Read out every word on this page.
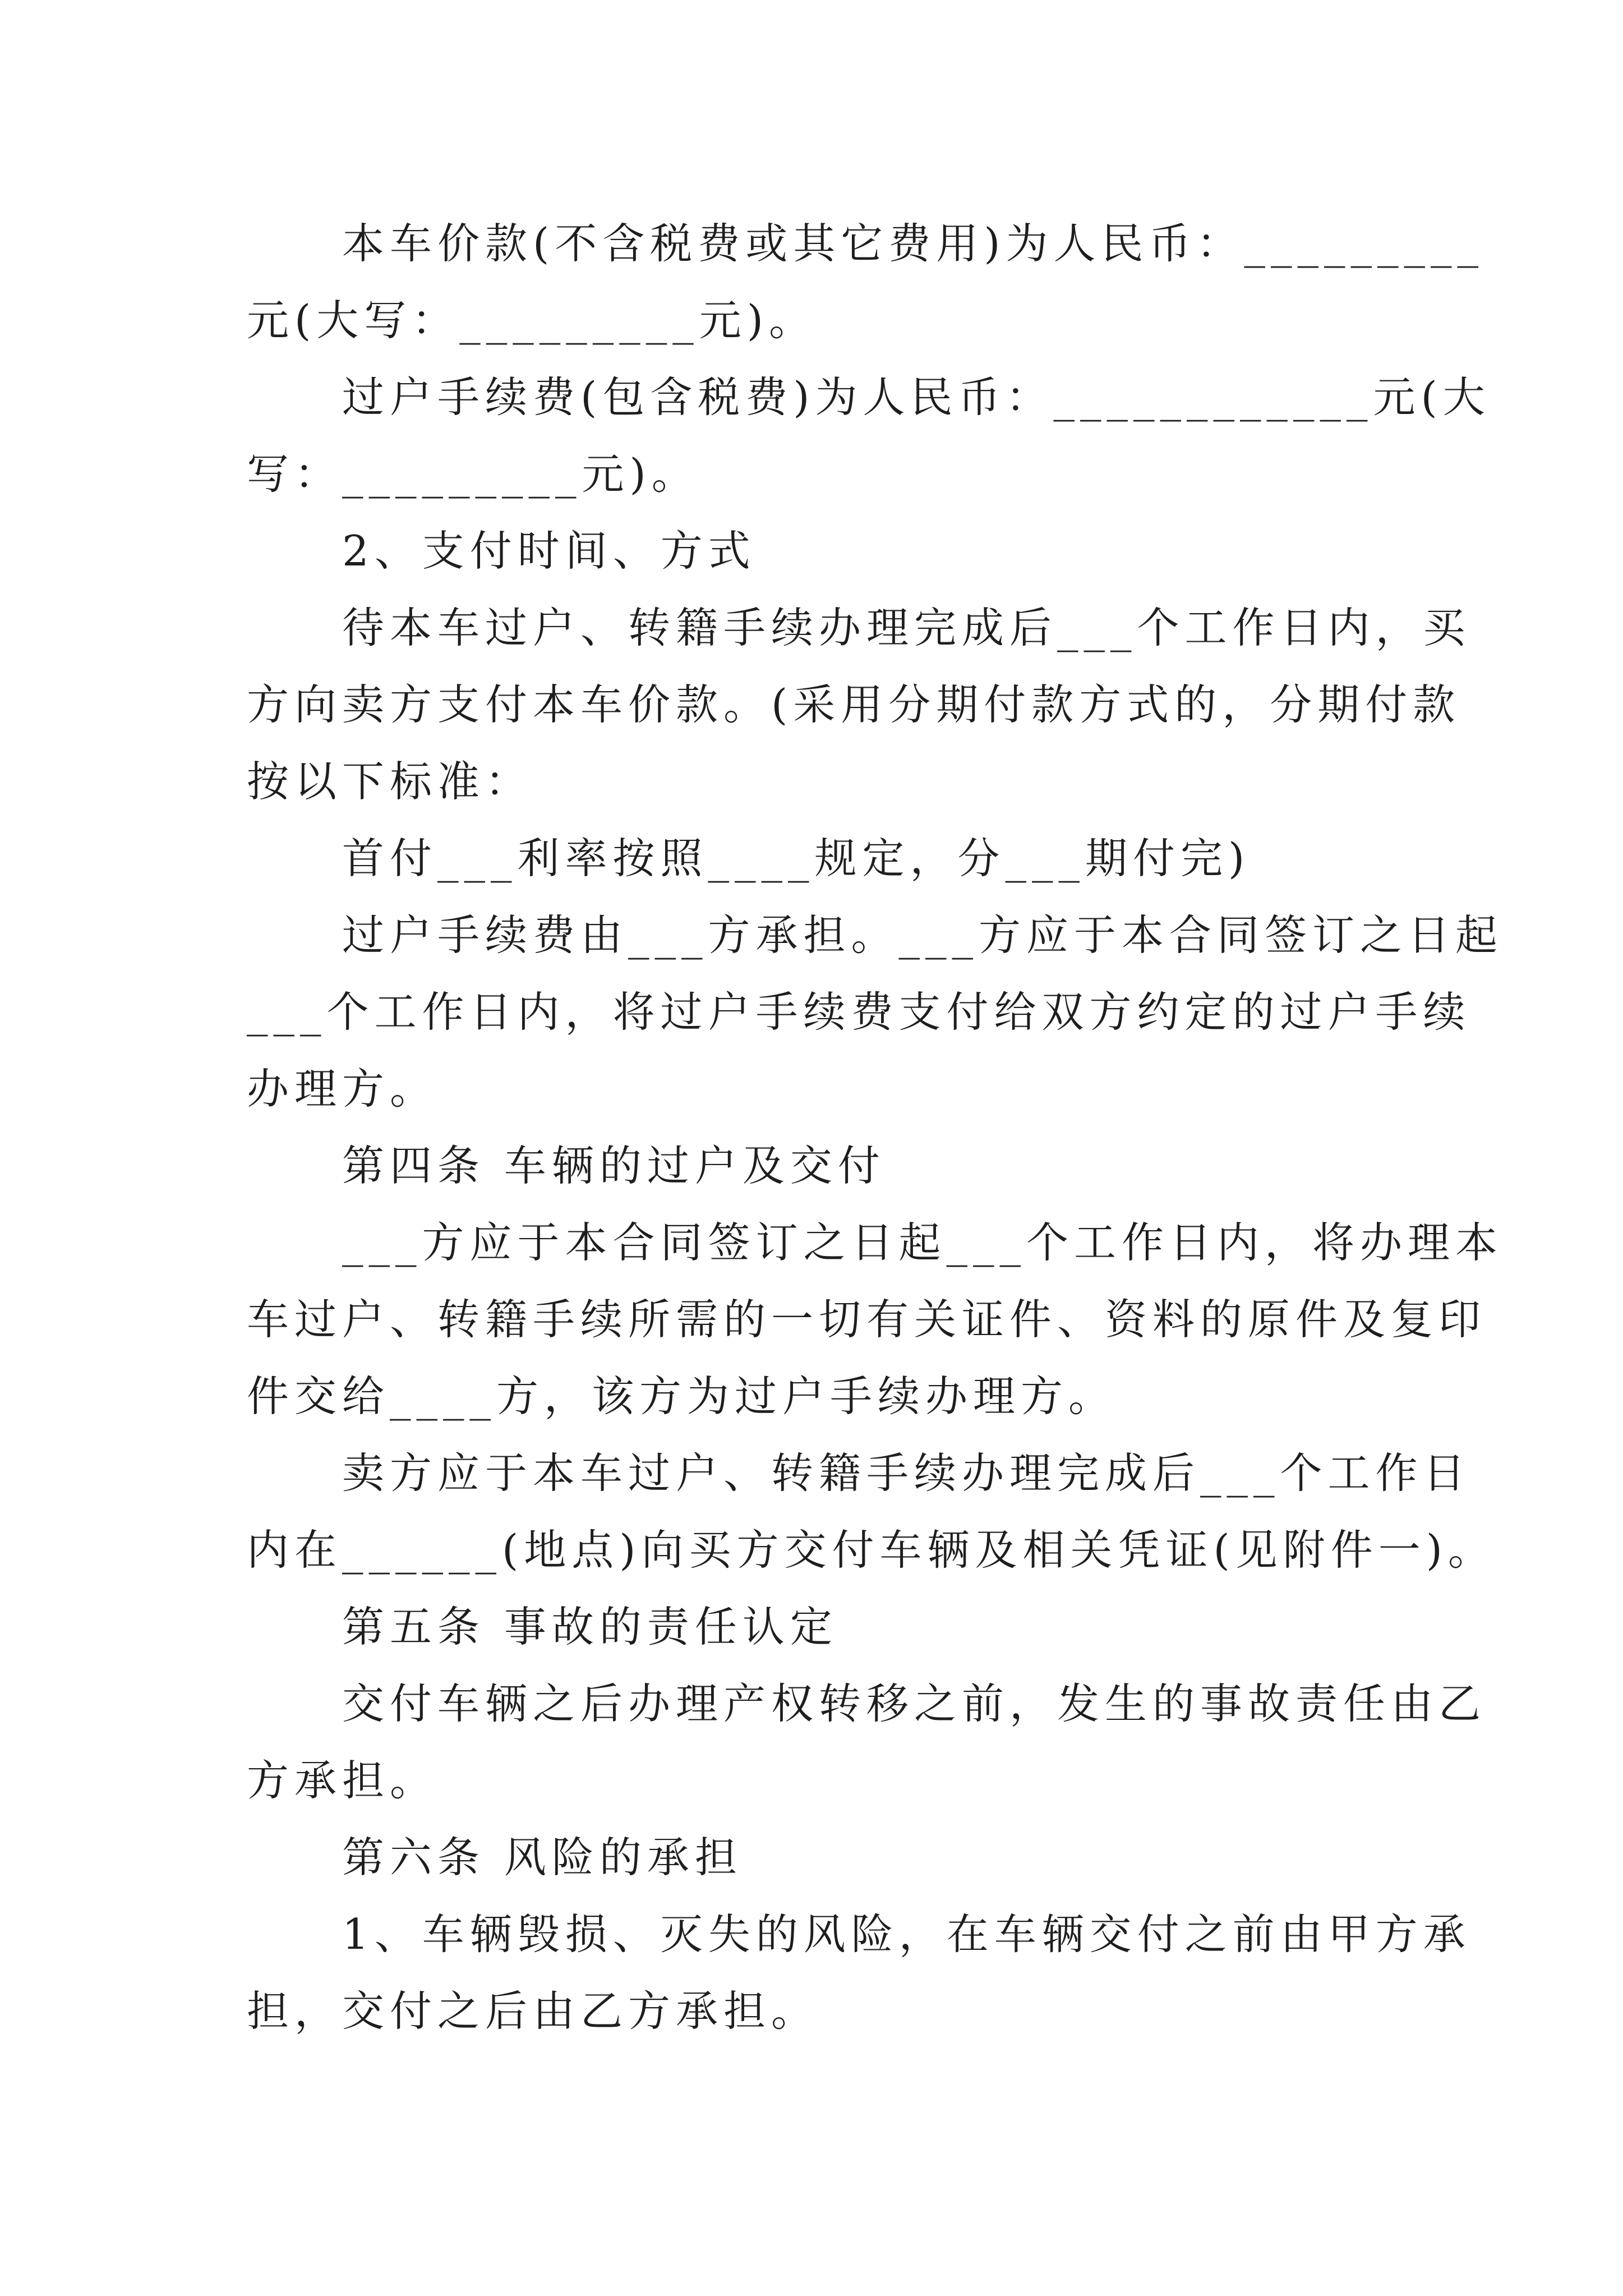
　　本车价款(不含税费或其它费用)为人民币：_________
元(大写：_________元)。
　　过户手续费(包含税费)为人民币：____________元(大
写：_________元)。
　　2、支付时间、方式
　　待本车过户、转籍手续办理完成后___个工作日内，买
方向卖方支付本车价款。(采用分期付款方式的，分期付款
按以下标准：
　　首付___利率按照____规定，分___期付完)
　　过户手续费由___方承担。___方应于本合同签订之日起
___个工作日内，将过户手续费支付给双方约定的过户手续
办理方。
　　第四条 车辆的过户及交付
　　___方应于本合同签订之日起___个工作日内，将办理本
车过户、转籍手续所需的一切有关证件、资料的原件及复印
件交给____方，该方为过户手续办理方。
　　卖方应于本车过户、转籍手续办理完成后___个工作日
内在______(地点)向买方交付车辆及相关凭证(见附件一)。
　　第五条 事故的责任认定
　　交付车辆之后办理产权转移之前，发生的事故责任由乙
方承担。
　　第六条 风险的承担
　　1、车辆毁损、灭失的风险，在车辆交付之前由甲方承
担，交付之后由乙方承担。
